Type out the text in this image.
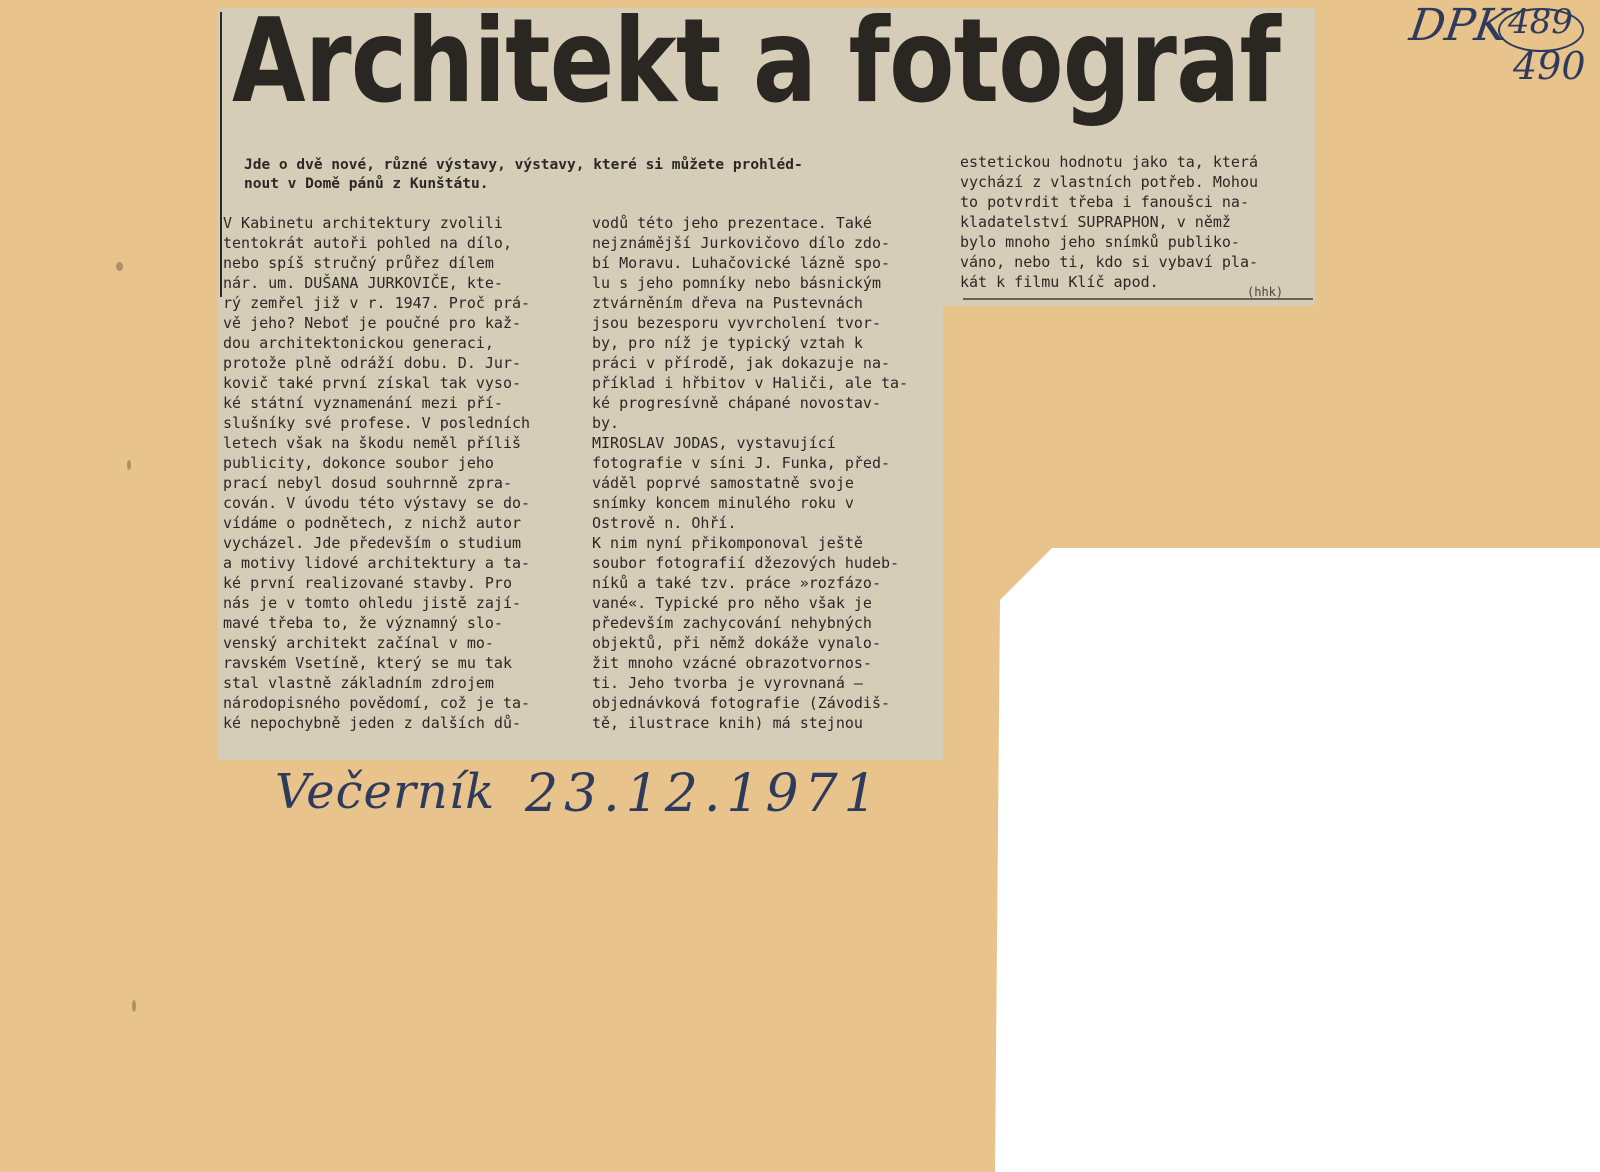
Architekt a fotograf
Jde o dvě nové, různé výstavy, výstavy, které si můžete prohléd-
nout v Domě pánů z Kunštátu.
V Kabinetu architektury zvolili
tentokrát autoři pohled na dílo,
nebo spíš stručný průřez dílem
nár. um. DUŠANA JURKOVIČE, kte-
rý zemřel již v r. 1947. Proč prá-
vě jeho? Neboť je poučné pro kaž-
dou architektonickou generaci,
protože plně odráží dobu. D. Jur-
kovič také první získal tak vyso-
ké státní vyznamenání mezi pří-
slušníky své profese. V posledních
letech však na škodu neměl příliš
publicity, dokonce soubor jeho
prací nebyl dosud souhrnně zpra-
cován. V úvodu této výstavy se do-
vídáme o podnětech, z nichž autor
vycházel. Jde především o studium
a motivy lidové architektury a ta-
ké první realizované stavby. Pro
nás je v tomto ohledu jistě zají-
mavé třeba to, že významný slo-
venský architekt začínal v mo-
ravském Vsetíně, který se mu tak
stal vlastně základním zdrojem
národopisného povědomí, což je ta-
ké nepochybně jeden z dalších dů-
vodů této jeho prezentace. Také
nejznámější Jurkovičovo dílo zdo-
bí Moravu. Luhačovické lázně spo-
lu s jeho pomníky nebo básnickým
ztvárněním dřeva na Pustevnách
jsou bezesporu vyvrcholení tvor-
by, pro níž je typický vztah k
práci v přírodě, jak dokazuje na-
příklad i hřbitov v Haliči, ale ta-
ké progresívně chápané novostav-
by.
MIROSLAV JODAS, vystavující
fotografie v síni J. Funka, před-
váděl poprvé samostatně svoje
snímky koncem minulého roku v
Ostrově n. Ohří.
K nim nyní přikomponoval ještě
soubor fotografií džezových hudeb-
níků a také tzv. práce »rozfázo-
vané«. Typické pro něho však je
především zachycování nehybných
objektů, při němž dokáže vynalo-
žit mnoho vzácné obrazotvornos-
ti. Jeho tvorba je vyrovnaná —
objednávková fotografie (Závodiš-
tě, ilustrace knih) má stejnou
estetickou hodnotu jako ta, která
vychází z vlastních potřeb. Mohou
to potvrdit třeba i fanoušci na-
kladatelství SUPRAPHON, v němž
bylo mnoho jeho snímků publiko-
váno, nebo ti, kdo si vybaví pla-
kát k filmu Klíč apod.
(hhk)
DPK
489
490
Večerník 23.12.1971
